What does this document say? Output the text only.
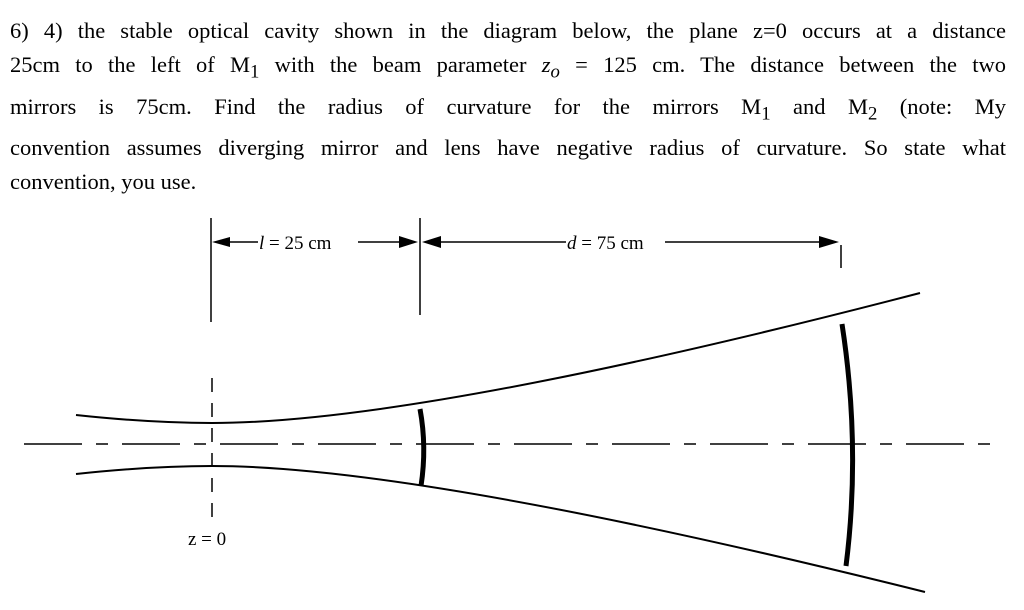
6) 4) the stable optical cavity shown in the diagram below, the plane z=0 occurs at a distance
25cm to the left of $M_1$ with the beam parameter $z_o = 125$ cm. The distance between the two
mirrors is 75cm. Find the radius of curvature for the mirrors $M_1$ and $M_2$ (note: My
convention assumes diverging mirror and lens have negative radius of curvature. So state what
convention, you use.
l = 25 cm	d = 75 cm
z = 0
